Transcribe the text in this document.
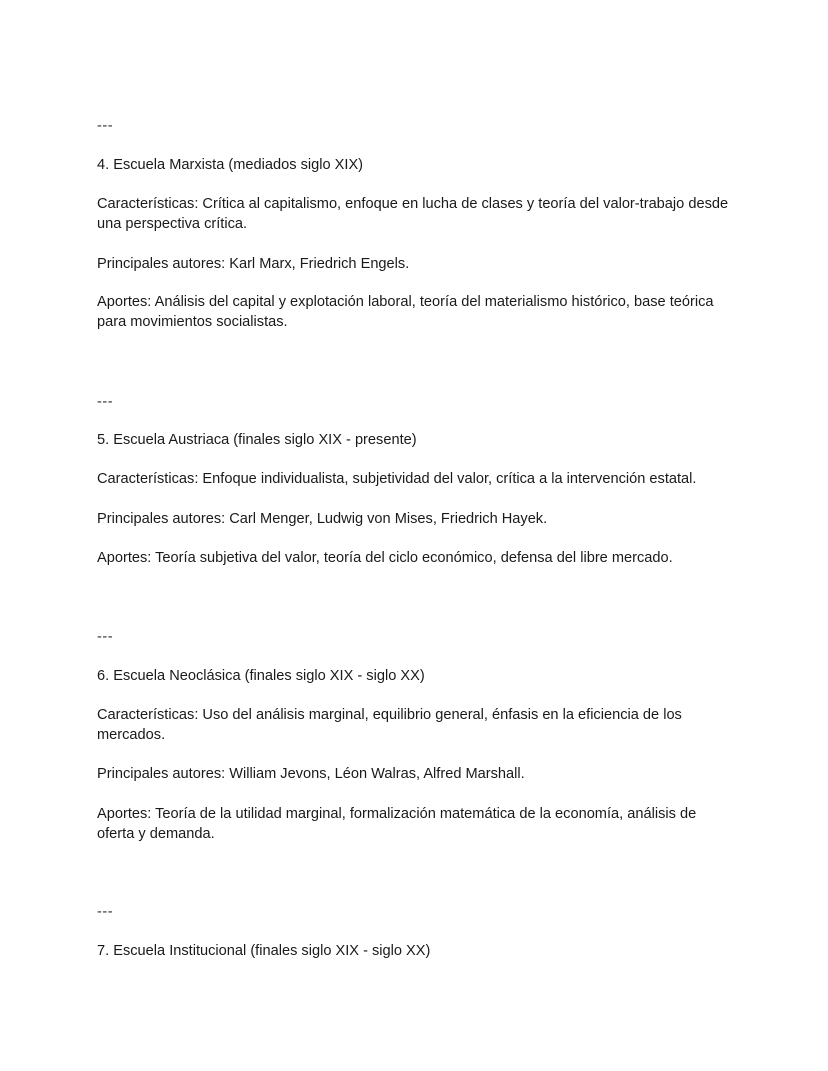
---

4. Escuela Marxista (mediados siglo XIX)

Características: Crítica al capitalismo, enfoque en lucha de clases y teoría del valor-trabajo desde una perspectiva crítica.

Principales autores: Karl Marx, Friedrich Engels.

Aportes: Análisis del capital y explotación laboral, teoría del materialismo histórico, base teórica para movimientos socialistas.

---

5. Escuela Austriaca (finales siglo XIX - presente)

Características: Enfoque individualista, subjetividad del valor, crítica a la intervención estatal.

Principales autores: Carl Menger, Ludwig von Mises, Friedrich Hayek.

Aportes: Teoría subjetiva del valor, teoría del ciclo económico, defensa del libre mercado.

---

6. Escuela Neoclásica (finales siglo XIX - siglo XX)

Características: Uso del análisis marginal, equilibrio general, énfasis en la eficiencia de los mercados.

Principales autores: William Jevons, Léon Walras, Alfred Marshall.

Aportes: Teoría de la utilidad marginal, formalización matemática de la economía, análisis de oferta y demanda.

---

7. Escuela Institucional (finales siglo XIX - siglo XX)
